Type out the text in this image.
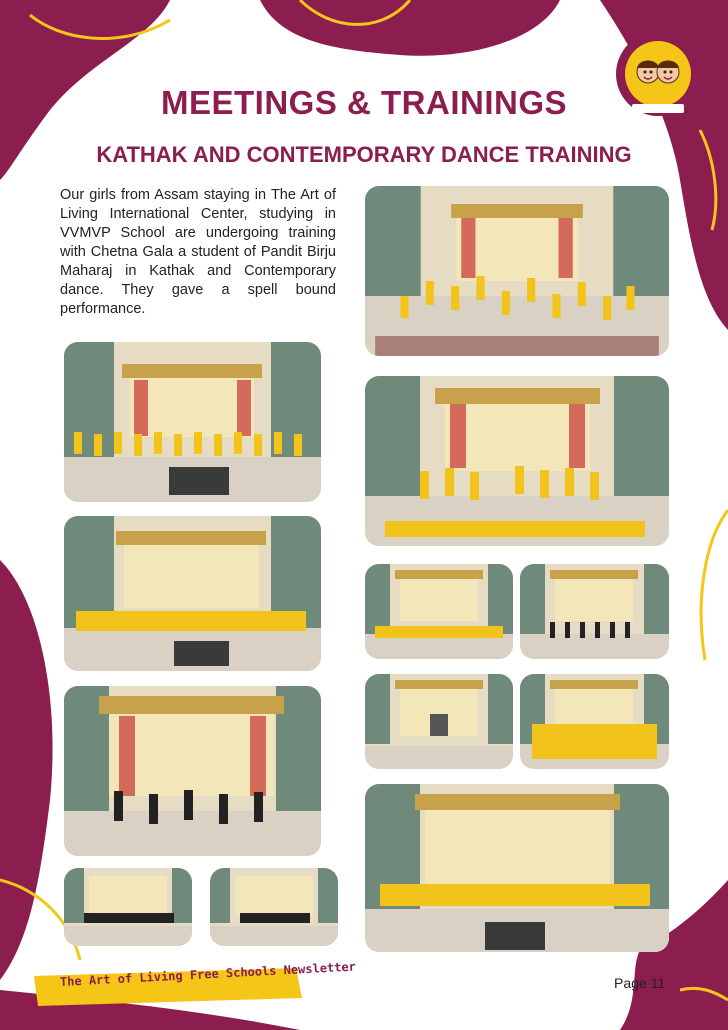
MEETINGS & TRAININGS
KATHAK AND CONTEMPORARY DANCE TRAINING
Our girls from Assam staying in The Art of Living International Center, studying in VVMVP School are undergoing training with Chetna Gala a student of Pandit Birju Maharaj in Kathak and Contemporary dance. They gave a spell bound performance.
The Art of Living Free Schools Newsletter	Page 11
